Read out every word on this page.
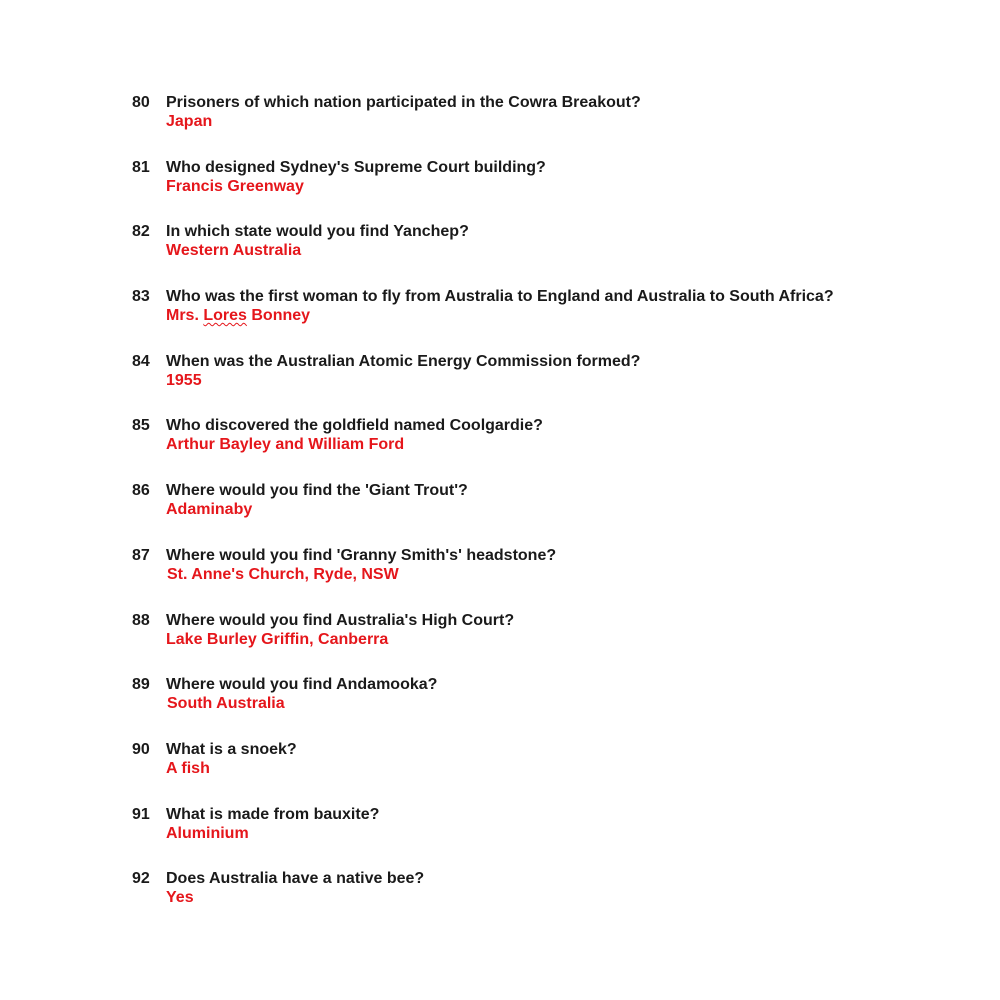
80 Prisoners of which nation participated in the Cowra Breakout?
Japan
81 Who designed Sydney's Supreme Court building?
Francis Greenway
82 In which state would you find Yanchep?
Western Australia
83 Who was the first woman to fly from Australia to England and Australia to South Africa?
Mrs. Lores Bonney
84 When was the Australian Atomic Energy Commission formed?
1955
85 Who discovered the goldfield named Coolgardie?
Arthur Bayley and William Ford
86 Where would you find the 'Giant Trout'?
Adaminaby
87 Where would you find 'Granny Smith's' headstone?
St. Anne's Church, Ryde, NSW
88 Where would you find Australia's High Court?
Lake Burley Griffin, Canberra
89 Where would you find Andamooka?
South Australia
90 What is a snoek?
A fish
91 What is made from bauxite?
Aluminium
92 Does Australia have a native bee?
Yes
